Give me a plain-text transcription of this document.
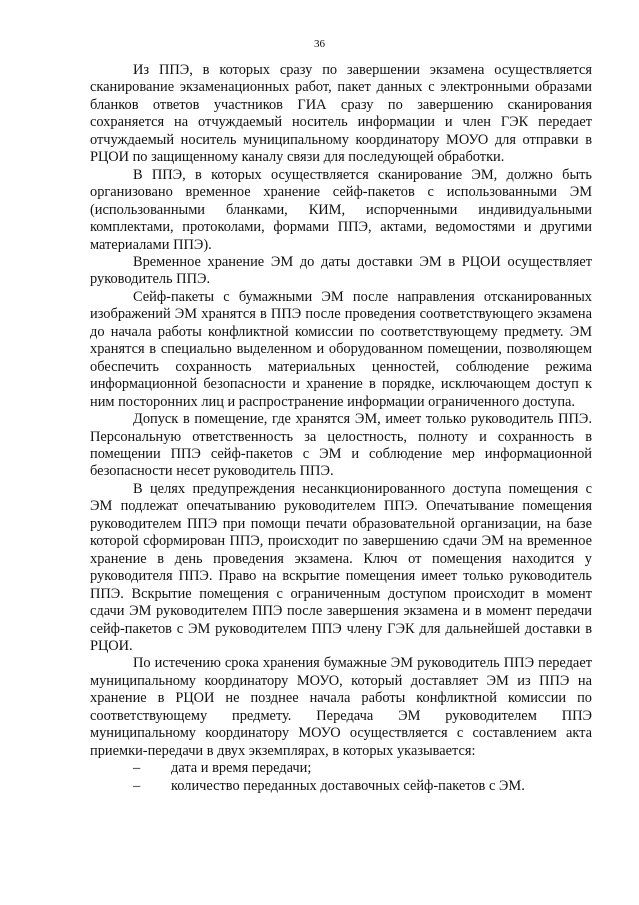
36

Из ППЭ, в которых сразу по завершении экзамена осуществляется сканирование экзаменационных работ, пакет данных с электронными образами бланков ответов участников ГИА сразу по завершению сканирования сохраняется на отчуждаемый носитель информации и член ГЭК передает отчуждаемый носитель муниципальному координатору МОУО для отправки в РЦОИ по защищенному каналу связи для последующей обработки.

В ППЭ, в которых осуществляется сканирование ЭМ, должно быть организовано временное хранение сейф-пакетов с использованными ЭМ (использованными бланками, КИМ, испорченными индивидуальными комплектами, протоколами, формами ППЭ, актами, ведомостями и другими материалами ППЭ).

Временное хранение ЭМ до даты доставки ЭМ в РЦОИ осуществляет руководитель ППЭ.

Сейф-пакеты с бумажными ЭМ после направления отсканированных изображений ЭМ хранятся в ППЭ после проведения соответствующего экзамена до начала работы конфликтной комиссии по соответствующему предмету. ЭМ хранятся в специально выделенном и оборудованном помещении, позволяющем обеспечить сохранность материальных ценностей, соблюдение режима информационной безопасности и хранение в порядке, исключающем доступ к ним посторонних лиц и распространение информации ограниченного доступа.

Допуск в помещение, где хранятся ЭМ, имеет только руководитель ППЭ. Персональную ответственность за целостность, полноту и сохранность в помещении ППЭ сейф-пакетов с ЭМ и соблюдение мер информационной безопасности несет руководитель ППЭ.

В целях предупреждения несанкционированного доступа помещения с ЭМ подлежат опечатыванию руководителем ППЭ. Опечатывание помещения руководителем ППЭ при помощи печати образовательной организации, на базе которой сформирован ППЭ, происходит по завершению сдачи ЭМ на временное хранение в день проведения экзамена. Ключ от помещения находится у руководителя ППЭ. Право на вскрытие помещения имеет только руководитель ППЭ. Вскрытие помещения с ограниченным доступом происходит в момент сдачи ЭМ руководителем ППЭ после завершения экзамена и в момент передачи сейф-пакетов с ЭМ руководителем ППЭ члену ГЭК для дальнейшей доставки в РЦОИ.

По истечению срока хранения бумажные ЭМ руководитель ППЭ передает муниципальному координатору МОУО, который доставляет ЭМ из ППЭ на хранение в РЦОИ не позднее начала работы конфликтной комиссии по соответствующему предмету. Передача ЭМ руководителем ППЭ муниципальному координатору МОУО осуществляется с составлением акта приемки-передачи в двух экземплярах, в которых указывается:

– дата и время передачи;
– количество переданных доставочных сейф-пакетов с ЭМ.
